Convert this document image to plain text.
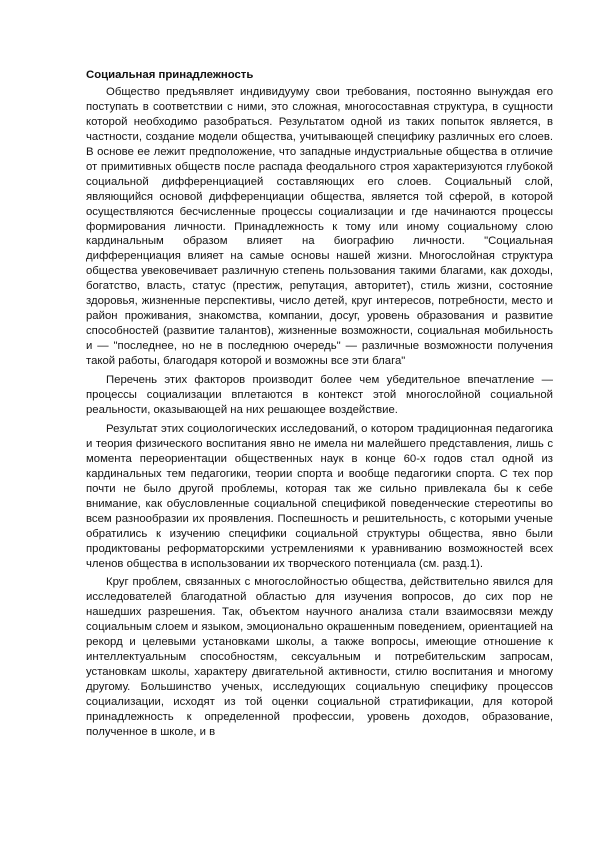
Социальная принадлежность

Общество предъявляет индивидууму свои требования, постоянно вынуждая его поступать в соответствии с ними, это сложная, многосоставная структура, в сущности которой необходимо разобраться. Результатом одной из таких попыток является, в частности, создание модели общества, учитывающей специфику различных его слоев. В основе ее лежит предположение, что западные индустриальные общества в отличие от примитивных обществ после распада феодального строя характеризуются глубокой социальной дифференциацией составляющих его слоев. Социальный слой, являющийся основой дифференциации общества, является той сферой, в которой осуществляются бесчисленные процессы социализации и где начинаются процессы формирования личности. Принадлежность к тому или иному социальному слою кардинальным образом влияет на биографию личности. "Социальная дифференциация влияет на самые основы нашей жизни. Многослойная структура общества увековечивает различную степень пользования такими благами, как доходы, богатство, власть, статус (престиж, репутация, авторитет), стиль жизни, состояние здоровья, жизненные перспективы, число детей, круг интересов, потребности, место и район проживания, знакомства, компании, досуг, уровень образования и развитие способностей (развитие талантов), жизненные возможности, социальная мобильность и — "последнее, но не в последнюю очередь" — различные возможности получения такой работы, благодаря которой и возможны все эти блага"

Перечень этих факторов производит более чем убедительное впечатление — процессы социализации вплетаются в контекст этой многослойной социальной реальности, оказывающей на них решающее воздействие.

Результат этих социологических исследований, о котором традиционная педагогика и теория физического воспитания явно не имела ни малейшего представления, лишь с момента переориентации общественных наук в конце 60-х годов стал одной из кардинальных тем педагогики, теории спорта и вообще педагогики спорта. С тех пор почти не было другой проблемы, которая так же сильно привлекала бы к себе внимание, как обусловленные социальной спецификой поведенческие стереотипы во всем разнообразии их проявления. Поспешность и решительность, с которыми ученые обратились к изучению специфики социальной структуры общества, явно были продиктованы реформаторскими устремлениями к уравниванию возможностей всех членов общества в использовании их творческого потенциала (см. разд.1).

Круг проблем, связанных с многослойностью общества, действительно явился для исследователей благодатной областью для изучения вопросов, до сих пор не нашедших разрешения. Так, объектом научного анализа стали взаимосвязи между социальным слоем и языком, эмоционально окрашенным поведением, ориентацией на рекорд и целевыми установками школы, а также вопросы, имеющие отношение к интеллектуальным способностям, сексуальным и потребительским запросам, установкам школы, характеру двигательной активности, стилю воспитания и многому другому. Большинство ученых, исследующих социальную специфику процессов социализации, исходят из той оценки социальной стратификации, для которой принадлежность к определенной профессии, уровень доходов, образование, полученное в школе, и в
